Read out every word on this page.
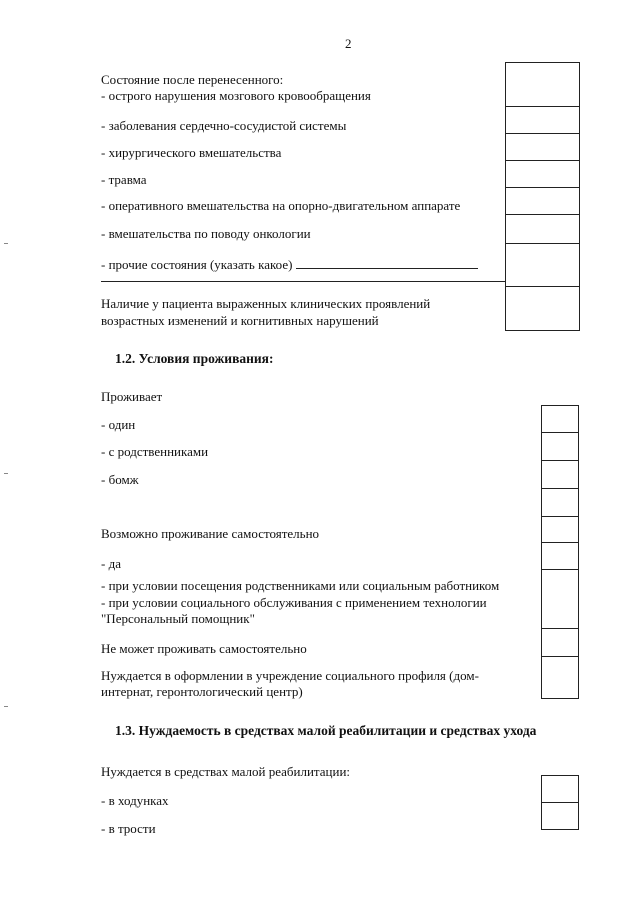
2
Состояние после перенесенного:
- острого нарушения мозгового кровообращения
- заболевания сердечно-сосудистой системы
- хирургического вмешательства
- травма
- оперативного вмешательства на опорно-двигательном аппарате
- вмешательства по поводу онкологии
- прочие состояния (указать какое)
Наличие у пациента выраженных клинических проявлений
возрастных изменений и когнитивных нарушений
1.2. Условия проживания:
Проживает
- один
- с родственниками
- бомж
Возможно проживание самостоятельно
- да
- при условии посещения родственниками или социальным работником
- при условии социального обслуживания с применением технологии
"Персональный помощник"
Не может проживать самостоятельно
Нуждается в оформлении в учреждение социального профиля (дом-
интернат, геронтологический центр)
1.3. Нуждаемость в средствах малой реабилитации и средствах ухода
Нуждается в средствах малой реабилитации:
- в ходунках
- в трости
